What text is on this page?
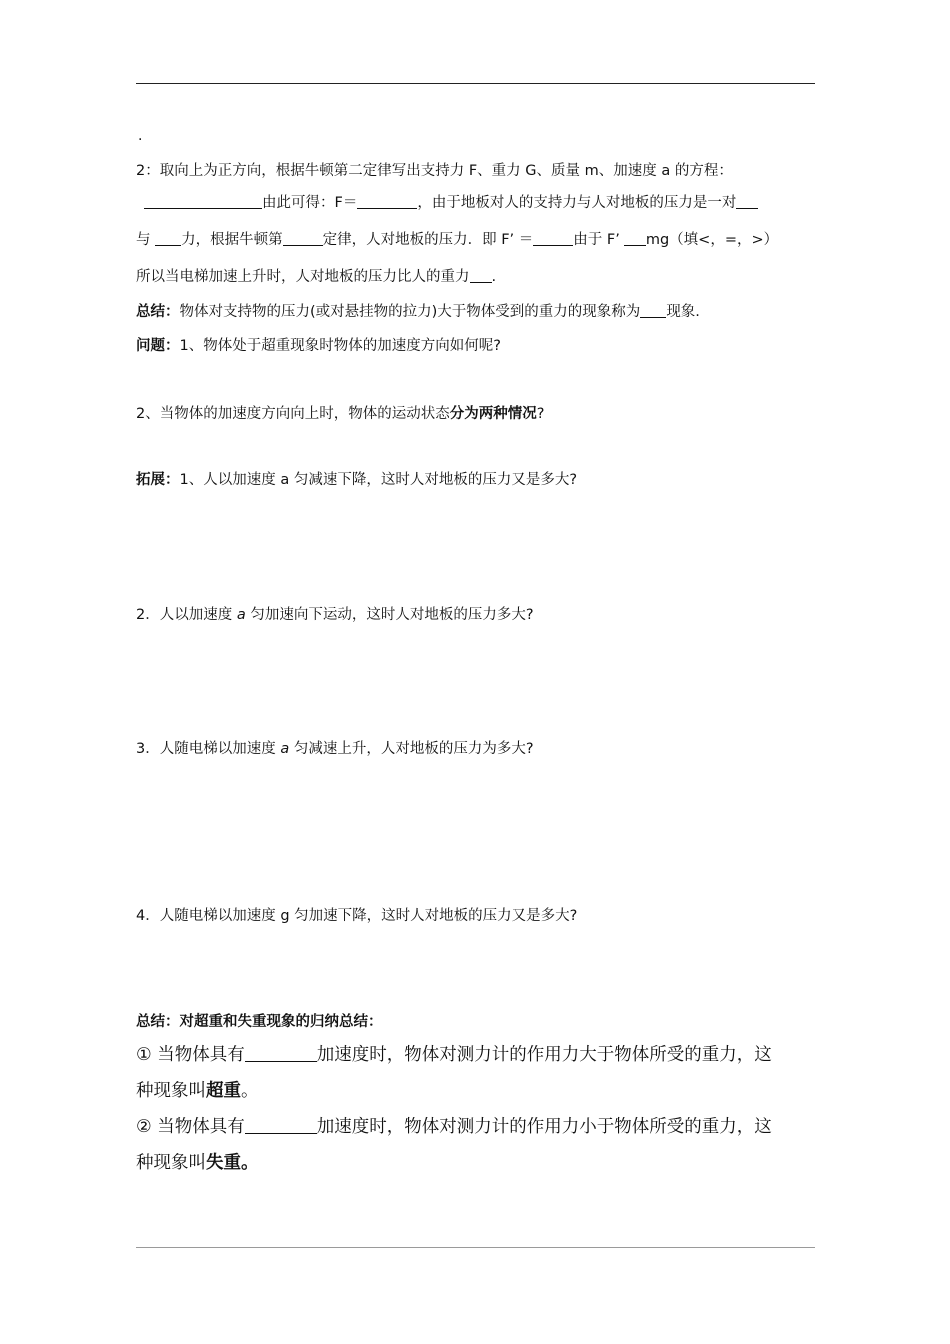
.
2：取向上为正方向，根据牛顿第二定律写出支持力 F、重力 G、质量 m、加速度 a 的方程：
由此可得：F＝	，由于地板对人的支持力与人对地板的压力是一对
与 力，根据牛顿第	定律，人对地板的压力．即 F’ ＝	由于 F’ mg（填<，=，>）
所以当电梯加速上升时，人对地板的压力比人的重力 .
总结：物体对支持物的压力(或对悬挂物的拉力)大于物体受到的重力的现象称为 现象.
问题：1、物体处于超重现象时物体的加速度方向如何呢?
2、当物体的加速度方向向上时，物体的运动状态分为两种情况?
拓展：1、人以加速度 a 匀减速下降，这时人对地板的压力又是多大?
2．人以加速度 a 匀加速向下运动，这时人对地板的压力多大?
3．人随电梯以加速度 a 匀减速上升，人对地板的压力为多大?
4．人随电梯以加速度 g 匀加速下降，这时人对地板的压力又是多大?
总结：对超重和失重现象的归纳总结：
① 当物体具有	加速度时，物体对测力计的作用力大于物体所受的重力，这
种现象叫超重。
② 当物体具有	加速度时，物体对测力计的作用力小于物体所受的重力，这
种现象叫失重。
